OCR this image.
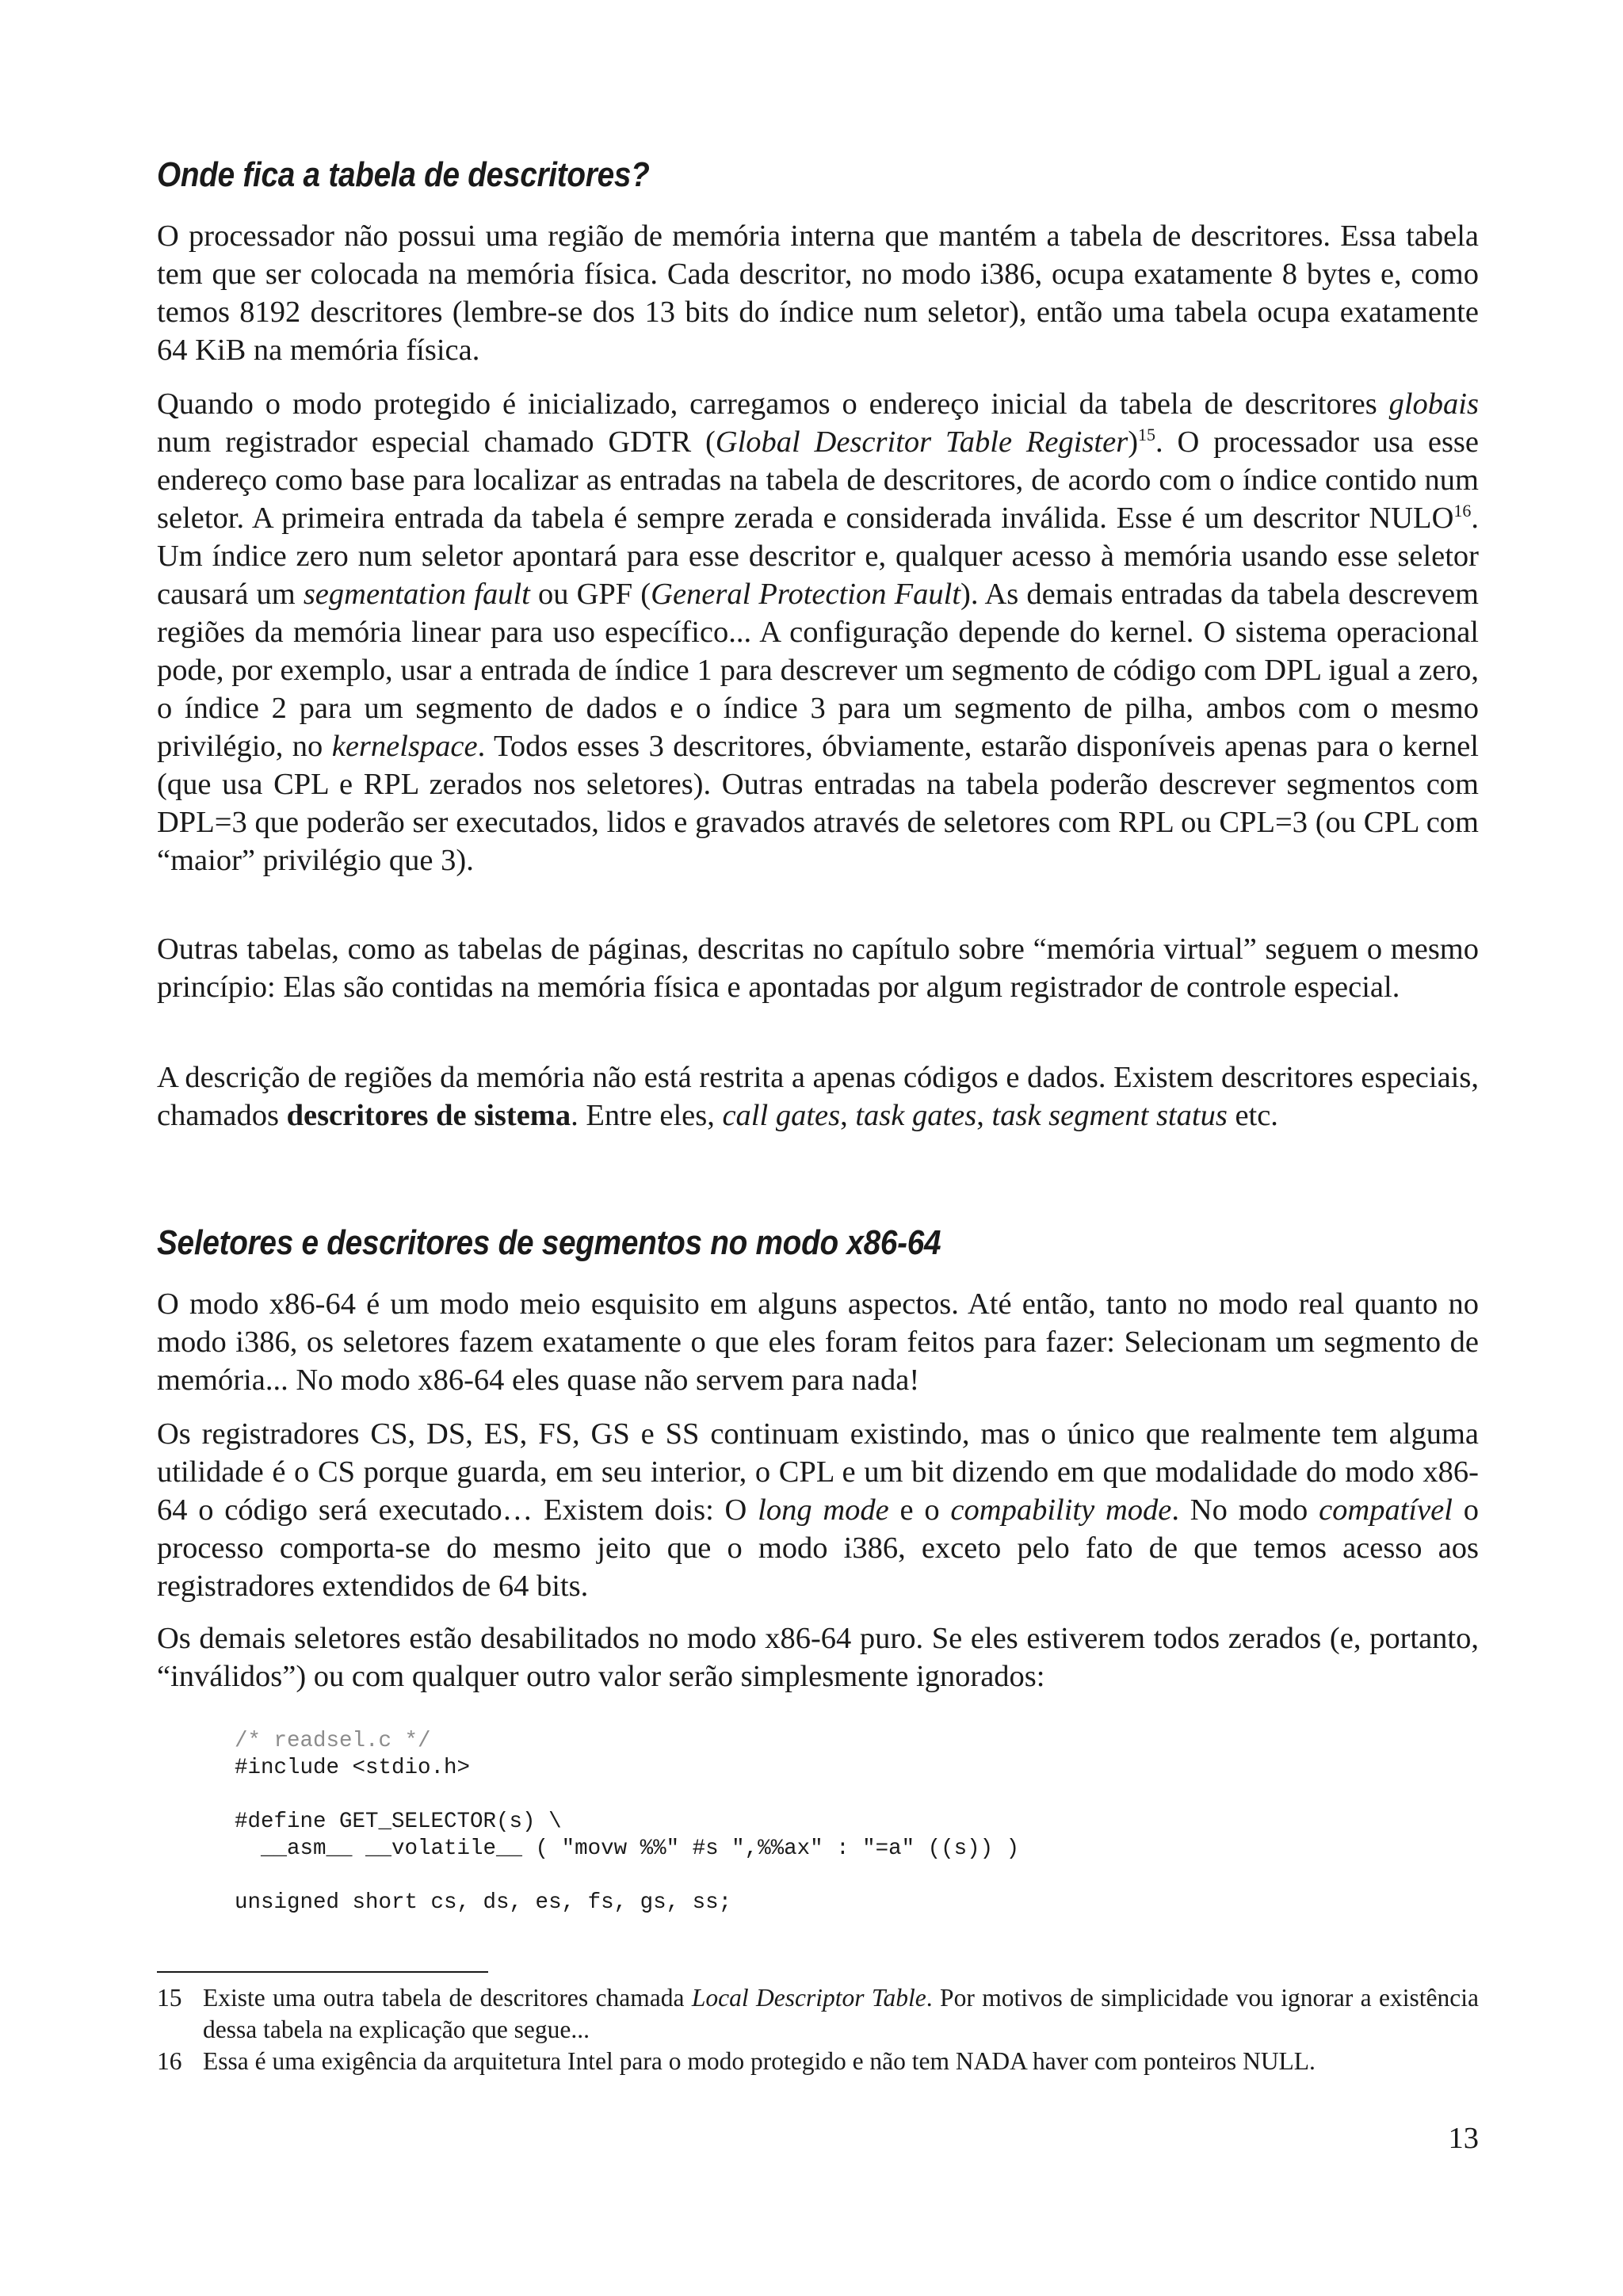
Onde fica a tabela de descritores?

O processador não possui uma região de memória interna que mantém a tabela de descritores. Essa tabela tem que ser colocada na memória física. Cada descritor, no modo i386, ocupa exatamente 8 bytes e, como temos 8192 descritores (lembre-se dos 13 bits do índice num seletor), então uma tabela ocupa exatamente 64 KiB na memória física.

Quando o modo protegido é inicializado, carregamos o endereço inicial da tabela de descritores globais num registrador especial chamado GDTR (Global Descritor Table Register)$^{15}$. O processador usa esse endereço como base para localizar as entradas na tabela de descritores, de acordo com o índice contido num seletor. A primeira entrada da tabela é sempre zerada e considerada inválida. Esse é um descritor NULO$^{16}$. Um índice zero num seletor apontará para esse descritor e, qualquer acesso à memória usando esse seletor causará um segmentation fault ou GPF (General Protection Fault). As demais entradas da tabela descrevem regiões da memória linear para uso específico... A configuração depende do kernel. O sistema operacional pode, por exemplo, usar a entrada de índice 1 para descrever um segmento de código com DPL igual a zero, o índice 2 para um segmento de dados e o índice 3 para um segmento de pilha, ambos com o mesmo privilégio, no kernelspace. Todos esses 3 descritores, óbviamente, estarão disponíveis apenas para o kernel (que usa CPL e RPL zerados nos seletores). Outras entradas na tabela poderão descrever segmentos com DPL=3 que poderão ser executados, lidos e gravados através de seletores com RPL ou CPL=3 (ou CPL com “maior” privilégio que 3).

Outras tabelas, como as tabelas de páginas, descritas no capítulo sobre “memória virtual” seguem o mesmo princípio: Elas são contidas na memória física e apontadas por algum registrador de controle especial.

A descrição de regiões da memória não está restrita a apenas códigos e dados. Existem descritores especiais, chamados descritores de sistema. Entre eles, call gates, task gates, task segment status etc.

Seletores e descritores de segmentos no modo x86-64

O modo x86-64 é um modo meio esquisito em alguns aspectos. Até então, tanto no modo real quanto no modo i386, os seletores fazem exatamente o que eles foram feitos para fazer: Selecionam um segmento de memória... No modo x86-64 eles quase não servem para nada!

Os registradores CS, DS, ES, FS, GS e SS continuam existindo, mas o único que realmente tem alguma utilidade é o CS porque guarda, em seu interior, o CPL e um bit dizendo em que modalidade do modo x86-64 o código será executado… Existem dois: O long mode e o compability mode. No modo compatível o processo comporta-se do mesmo jeito que o modo i386, exceto pelo fato de que temos acesso aos registradores extendidos de 64 bits.

Os demais seletores estão desabilitados no modo x86-64 puro. Se eles estiverem todos zerados (e, portanto, “inválidos”) ou com qualquer outro valor serão simplesmente ignorados:

/* readsel.c */
#include <stdio.h>

#define GET_SELECTOR(s) \
__asm__ __volatile__ ( "movw %%" #s ",%%ax" : "=a" ((s)) )

unsigned short cs, ds, es, fs, gs, ss;

15 Existe uma outra tabela de descritores chamada Local Descriptor Table. Por motivos de simplicidade vou ignorar a existência dessa tabela na explicação que segue...

16 Essa é uma exigência da arquitetura Intel para o modo protegido e não tem NADA haver com ponteiros NULL.

13
